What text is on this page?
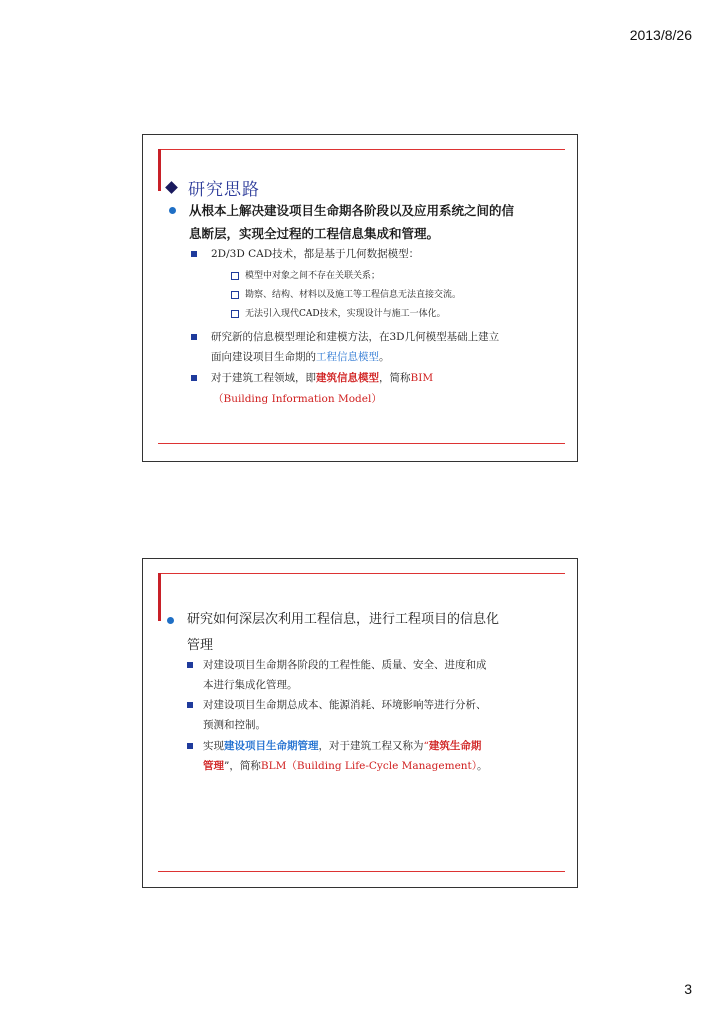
2013/8/26
研究思路
从根本上解决建设项目生命期各阶段以及应用系统之间的信
息断层，实现全过程的工程信息集成和管理。
2D/3D CAD技术，都是基于几何数据模型：
模型中对象之间不存在关联关系；
勘察、结构、材料以及施工等工程信息无法直接交流。
无法引入现代CAD技术，实现设计与施工一体化。
研究新的信息模型理论和建模方法，在3D几何模型基础上建立
面向建设项目生命期的工程信息模型。
对于建筑工程领域，即建筑信息模型，简称BIM
（Building Information Model）
研究如何深层次利用工程信息，进行工程项目的信息化
管理
对建设项目生命期各阶段的工程性能、质量、安全、进度和成
本进行集成化管理。
对建设项目生命期总成本、能源消耗、环境影响等进行分析、
预测和控制。
实现建设项目生命期管理，对于建筑工程又称为“建筑生命期
管理”，简称BLM（Building Life-Cycle Management）。
3
